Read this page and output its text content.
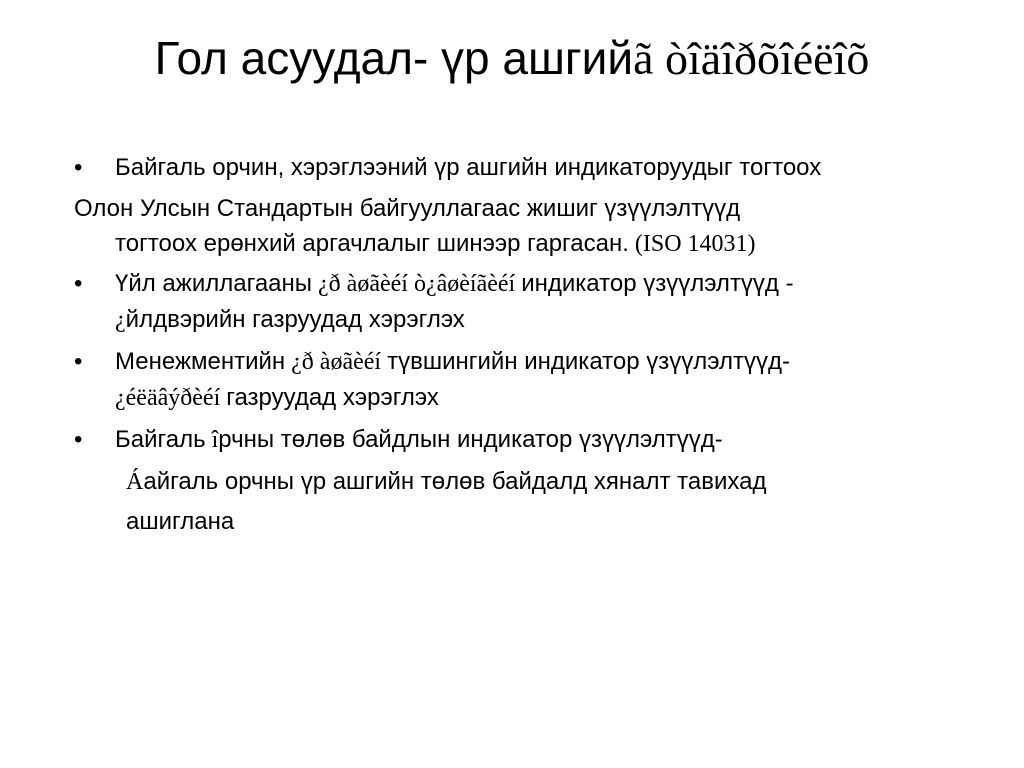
Гол асуудал- үр ашгийã òîäîðõîéëîõ
• Байгаль орчин, хэрэглээний үр ашгийн индикаторуудыг тогтоох
Олон Улсын Стандартын байгууллагаас жишиг үзүүлэлтүүд
тогтоох ерөнхий аргачлалыг шинээр гаргасан. (ISO 14031)
• Үйл ажиллагааны ¿ð àøãèéí ò¿âøèíãèéí индикатор үзүүлэлтүүд -
¿йлдвэрийн газруудад хэрэглэх
• Менежментийн ¿ð àøãèéí түвшингийн индикатор үзүүлэлтүүд-
¿éëäâýðèéí газруудад хэрэглэх
• Байгаль îрчны төлөв байдлын индикатор үзүүлэлтүүд-
Áайгаль орчны үр ашгийн төлөв байдалд хяналт тавихад
ашиглана
